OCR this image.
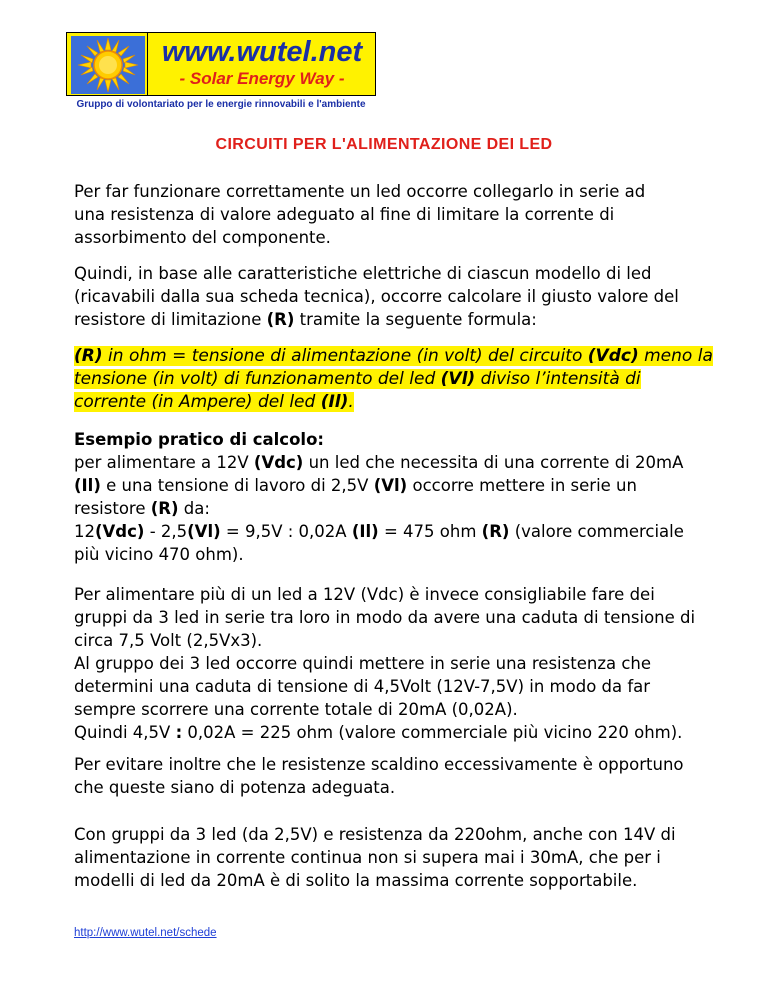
www.wutel.net
- Solar Energy Way -
Gruppo di volontariato per le energie rinnovabili e l'ambiente
CIRCUITI PER L'ALIMENTAZIONE DEI LED
Per far funzionare correttamente un led occorre collegarlo in serie ad
una resistenza di valore adeguato al fine di limitare la corrente di
assorbimento del componente.
Quindi, in base alle caratteristiche elettriche di ciascun modello di led
(ricavabili dalla sua scheda tecnica), occorre calcolare il giusto valore del
resistore di limitazione (R) tramite la seguente formula:
(R) in ohm = tensione di alimentazione (in volt) del circuito (Vdc) meno la
tensione (in volt) di funzionamento del led (Vl) diviso l’intensità di
corrente (in Ampere) del led (Il).
Esempio pratico di calcolo:
per alimentare a 12V (Vdc) un led che necessita di una corrente di 20mA
(Il) e una tensione di lavoro di 2,5V (Vl) occorre mettere in serie un
resistore (R) da:
12(Vdc) - 2,5(Vl) = 9,5V : 0,02A (Il) = 475 ohm (R) (valore commerciale
più vicino 470 ohm).
Per alimentare più di un led a 12V (Vdc) è invece consigliabile fare dei
gruppi da 3 led in serie tra loro in modo da avere una caduta di tensione di
circa 7,5 Volt (2,5Vx3).
Al gruppo dei 3 led occorre quindi mettere in serie una resistenza che
determini una caduta di tensione di 4,5Volt (12V-7,5V) in modo da far
sempre scorrere una corrente totale di 20mA (0,02A).
Quindi 4,5V : 0,02A = 225 ohm (valore commerciale più vicino 220 ohm).
Per evitare inoltre che le resistenze scaldino eccessivamente è opportuno
che queste siano di potenza adeguata.
Con gruppi da 3 led (da 2,5V) e resistenza da 220ohm, anche con 14V di
alimentazione in corrente continua non si supera mai i 30mA, che per i
modelli di led da 20mA è di solito la massima corrente sopportabile.
http://www.wutel.net/schede
